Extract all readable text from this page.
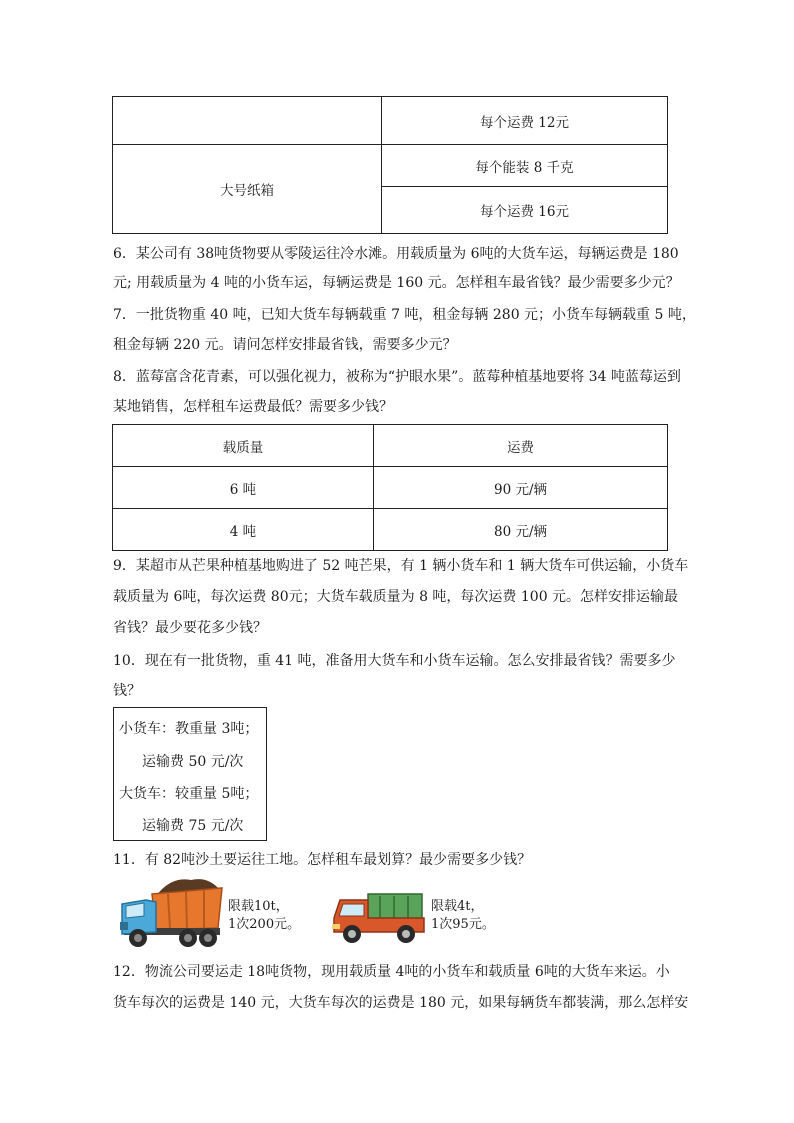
	每个运费 12元
大号纸箱	每个能装 8 千克
	每个运费 16元
6．某公司有 38吨货物要从零陵运往冷水滩。用载质量为 6吨的大货车运，每辆运费是 180
元; 用载质量为 4 吨的小货车运，每辆运费是 160 元。怎样租车最省钱？最少需要多少元？
7．一批货物重 40 吨，已知大货车每辆载重 7 吨，租金每辆 280 元；小货车每辆载重 5 吨，
租金每辆 220 元。请问怎样安排最省钱，需要多少元？
8．蓝莓富含花青素，可以强化视力，被称为“护眼水果”。蓝莓种植基地要将 34 吨蓝莓运到
某地销售，怎样租车运费最低？需要多少钱？
载质量	运费
6 吨	90 元/辆
4 吨	80 元/辆
9．某超市从芒果种植基地购进了 52 吨芒果，有 1 辆小货车和 1 辆大货车可供运输，小货车
载质量为 6吨，每次运费 80元；大货车载质量为 8 吨，每次运费 100 元。怎样安排运输最
省钱？最少要花多少钱？
10．现在有一批货物，重 41 吨，准备用大货车和小货车运输。怎么安排最省钱？需要多少
钱？
小货车：教重量 3吨；
运输费 50 元/次
大货车：较重量 5吨；
运输费 75 元/次
11．有 82吨沙土要运往工地。怎样租车最划算？最少需要多少钱？
限载10t，
1次200元。
限载4t，
1次95元。
12．物流公司要运走 18吨货物，现用载质量 4吨的小货车和载质量 6吨的大货车来运。小
货车每次的运费是 140 元，大货车每次的运费是 180 元，如果每辆货车都装满，那么怎样安
